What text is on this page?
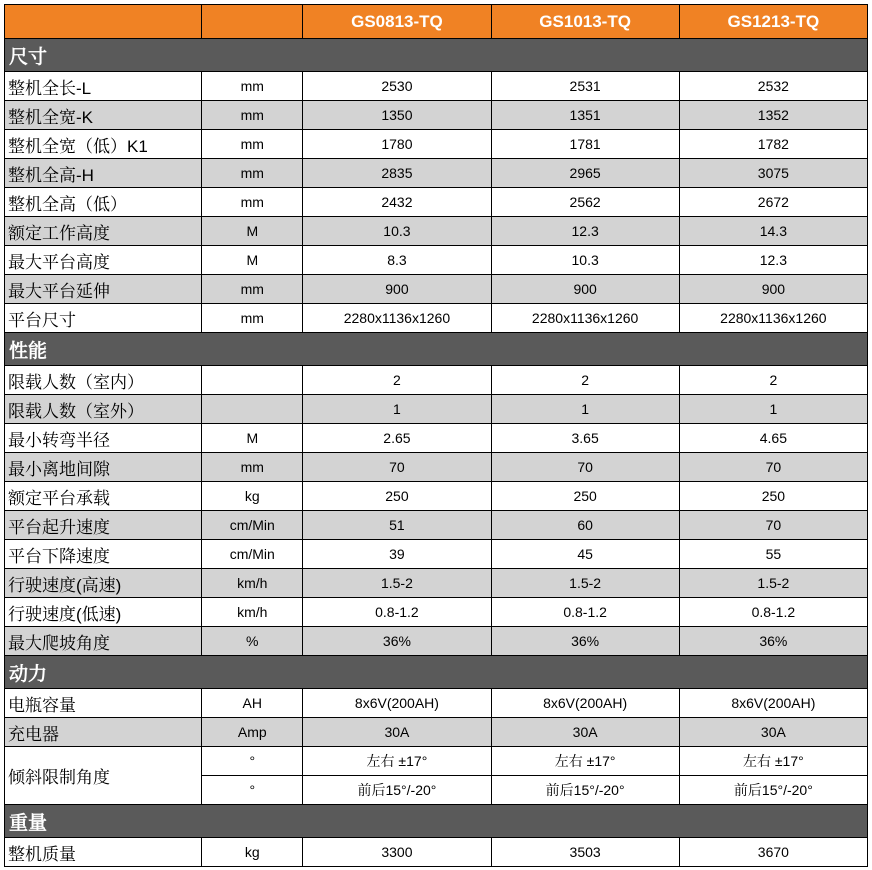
		GS0813-TQ	GS1013-TQ	GS1213-TQ
尺寸				
整机全长-L	mm	2530	2531	2532
整机全宽-K	mm	1350	1351	1352
整机全宽（低）K1	mm	1780	1781	1782
整机全高-H	mm	2835	2965	3075
整机全高（低）	mm	2432	2562	2672
额定工作高度	M	10.3	12.3	14.3
最大平台高度	M	8.3	10.3	12.3
最大平台延伸	mm	900	900	900
平台尺寸	mm	2280x1136x1260	2280x1136x1260	2280x1136x1260
性能				
限载人数（室内）		2	2	2
限载人数（室外）		1	1	1
最小转弯半径	M	2.65	3.65	4.65
最小离地间隙	mm	70	70	70
额定平台承载	kg	250	250	250
平台起升速度	cm/Min	51	60	70
平台下降速度	cm/Min	39	45	55
行驶速度(高速)	km/h	1.5-2	1.5-2	1.5-2
行驶速度(低速)	km/h	0.8-1.2	0.8-1.2	0.8-1.2
最大爬坡角度	%	36%	36%	36%
动力				
电瓶容量	AH	8x6V(200AH)	8x6V(200AH)	8x6V(200AH)
充电器	Amp	30A	30A	30A
倾斜限制角度	°	左右 ±17°	左右 ±17°	左右 ±17°
	°	前后15°/-20°	前后15°/-20°	前后15°/-20°
重量				
整机质量	kg	3300	3503	3670
